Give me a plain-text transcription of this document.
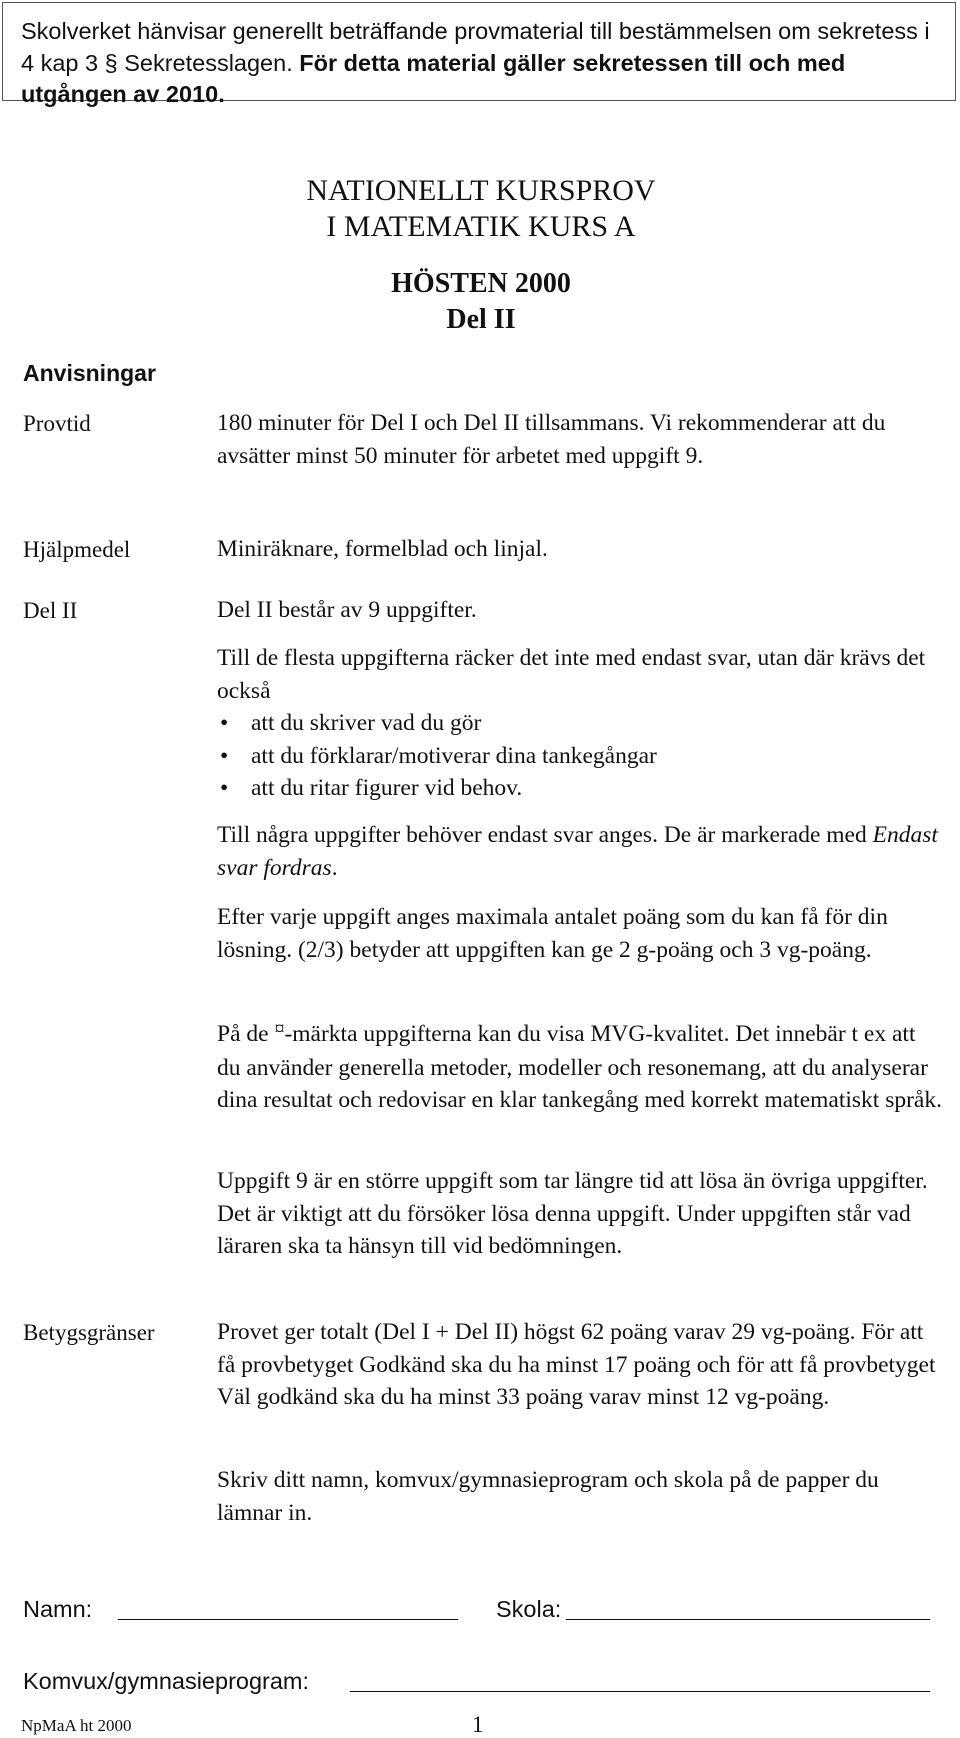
Skolverket hänvisar generellt beträffande provmaterial till bestämmelsen om sekretess i 4 kap 3 § Sekretesslagen. För detta material gäller sekretessen till och med utgången av 2010.
NATIONELLT KURSPROV
I MATEMATIK KURS A
HÖSTEN 2000
Del II
Anvisningar
Provtid
Hjälpmedel
Del II
Betygsgränser
180 minuter för Del I och Del II tillsammans. Vi rekommenderar att du avsätter minst 50 minuter för arbetet med uppgift 9.
Miniräknare, formelblad och linjal.
Del II består av 9 uppgifter.
Till de flesta uppgifterna räcker det inte med endast svar, utan där krävs det också
• att du skriver vad du gör
• att du förklarar/motiverar dina tankegångar
• att du ritar figurer vid behov.
Till några uppgifter behöver endast svar anges. De är markerade med Endast svar fordras.
Efter varje uppgift anges maximala antalet poäng som du kan få för din lösning. (2/3) betyder att uppgiften kan ge 2 g-poäng och 3 vg-poäng.
På de ¤-märkta uppgifterna kan du visa MVG-kvalitet. Det innebär t ex att du använder generella metoder, modeller och resonemang, att du analyserar dina resultat och redovisar en klar tankegång med korrekt matematiskt språk.
Uppgift 9 är en större uppgift som tar längre tid att lösa än övriga uppgifter. Det är viktigt att du försöker lösa denna uppgift. Under uppgiften står vad läraren ska ta hänsyn till vid bedömningen.
Provet ger totalt (Del I + Del II) högst 62 poäng varav 29 vg-poäng. För att få provbetyget Godkänd ska du ha minst 17 poäng och för att få provbetyget Väl godkänd ska du ha minst 33 poäng varav minst 12 vg-poäng.
Skriv ditt namn, komvux/gymnasieprogram och skola på de papper du lämnar in.
Namn:	Skola:
Komvux/gymnasieprogram:
NpMaA ht 2000	1
